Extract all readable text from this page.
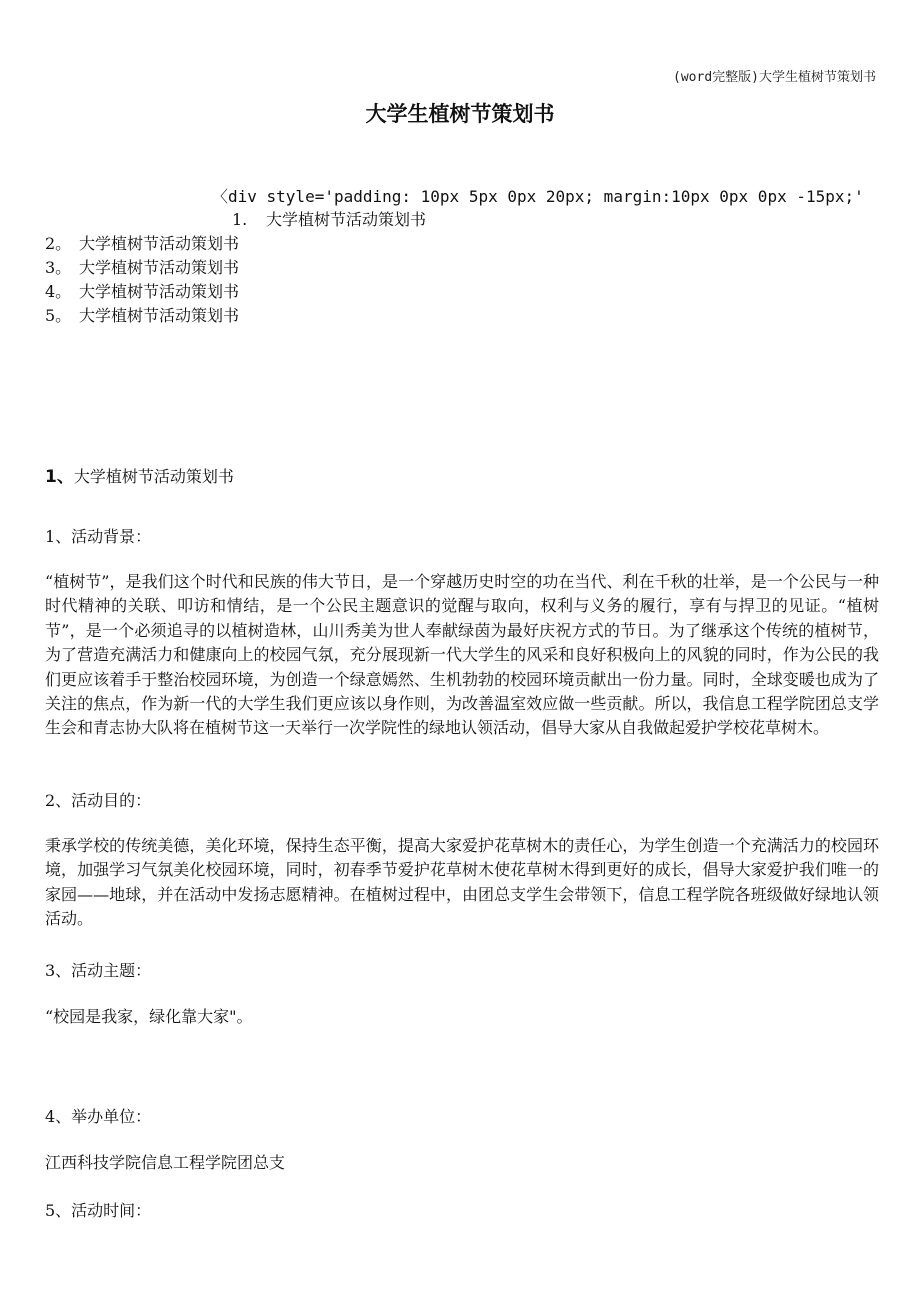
(word完整版)大学生植树节策划书
大学生植树节策划书
〈div style='padding: 10px 5px 0px 20px; margin:10px 0px 0px -15px;'
1. 大学植树节活动策划书
2。 大学植树节活动策划书
3。 大学植树节活动策划书
4。 大学植树节活动策划书
5。 大学植树节活动策划书
1、大学植树节活动策划书
1、活动背景：
“植树节”，是我们这个时代和民族的伟大节日，是一个穿越历史时空的功在当代、利在千秋的壮举，是一个公民与一种时代精神的关联、叩访和情结，是一个公民主题意识的觉醒与取向，权利与义务的履行，享有与捍卫的见证。“植树节”，是一个必须追寻的以植树造林，山川秀美为世人奉献绿茵为最好庆祝方式的节日。为了继承这个传统的植树节，为了营造充满活力和健康向上的校园气氛，充分展现新一代大学生的风采和良好积极向上的风貌的同时，作为公民的我们更应该着手于整治校园环境，为创造一个绿意嫣然、生机勃勃的校园环境贡献出一份力量。同时，全球变暖也成为了关注的焦点，作为新一代的大学生我们更应该以身作则，为改善温室效应做一些贡献。所以，我信息工程学院团总支学生会和青志协大队将在植树节这一天举行一次学院性的绿地认领活动，倡导大家从自我做起爱护学校花草树木。
2、活动目的：
秉承学校的传统美德，美化环境，保持生态平衡，提高大家爱护花草树木的责任心，为学生创造一个充满活力的校园环境，加强学习气氛美化校园环境，同时，初春季节爱护花草树木使花草树木得到更好的成长，倡导大家爱护我们唯一的家园——地球，并在活动中发扬志愿精神。在植树过程中，由团总支学生会带领下，信息工程学院各班级做好绿地认领活动。
3、活动主题：
“校园是我家，绿化靠大家"。
4、举办单位：
江西科技学院信息工程学院团总支
5、活动时间：
